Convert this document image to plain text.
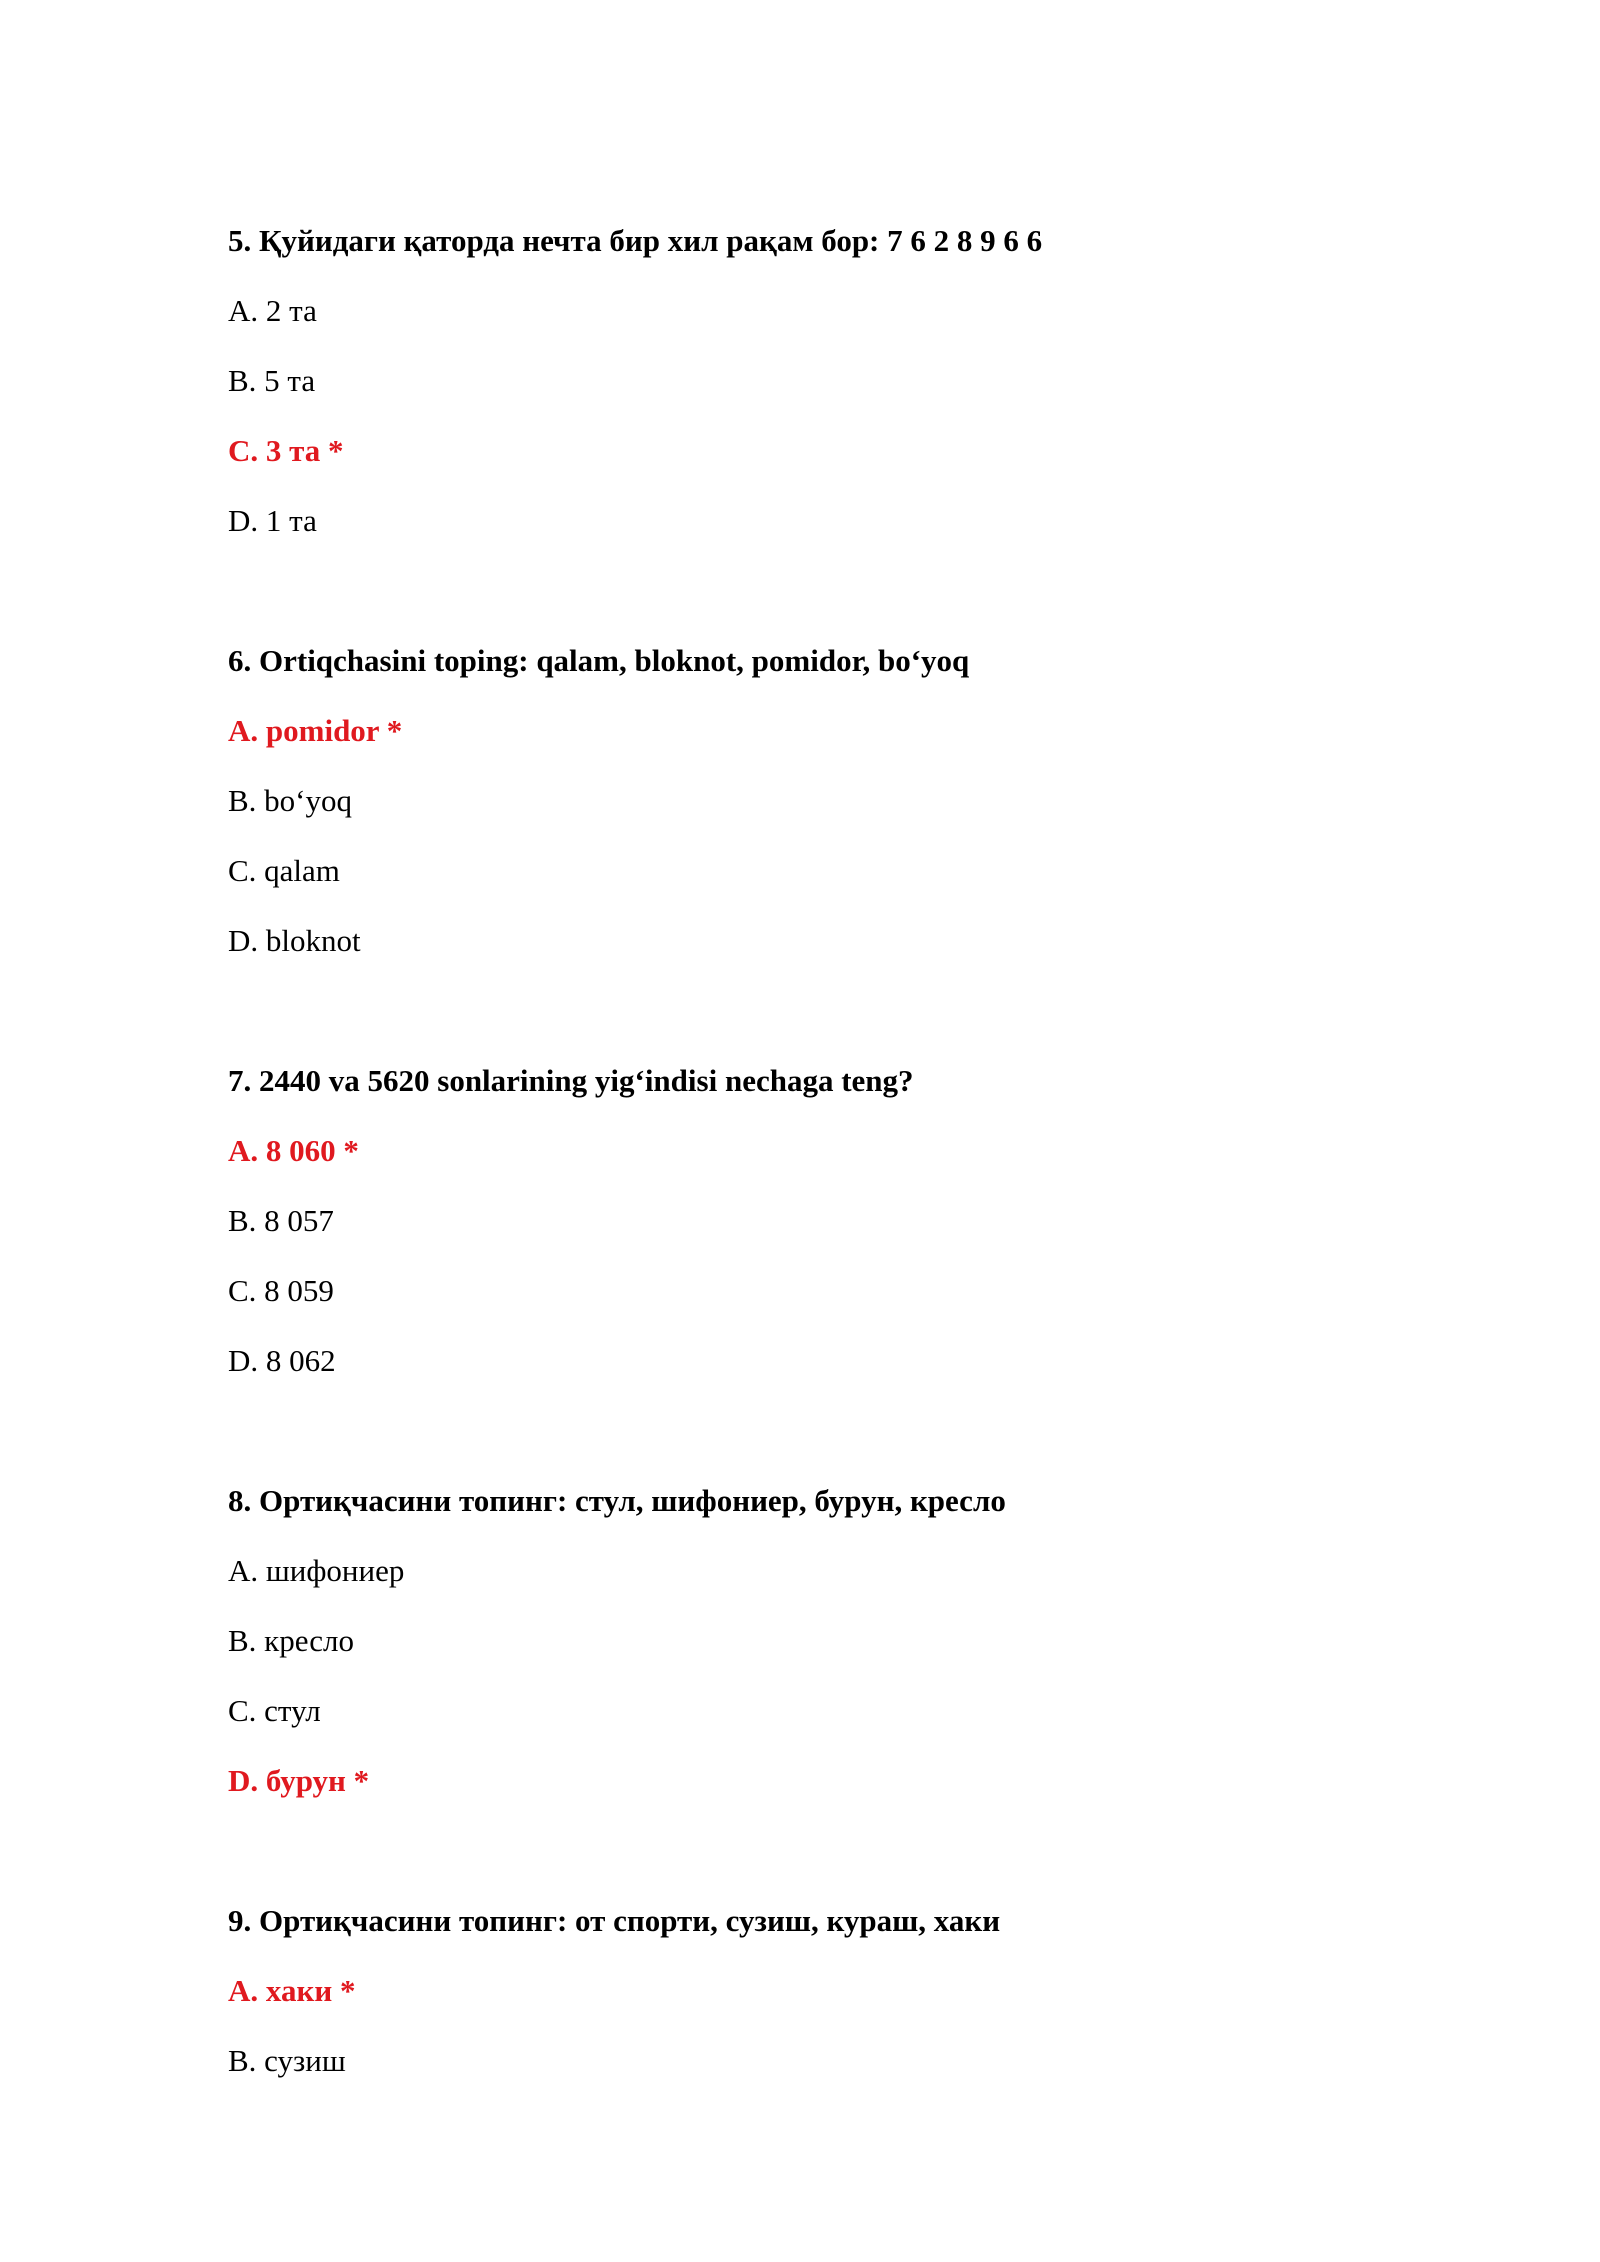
5. Қуйидаги қаторда нечта бир хил рақам бор: 7 6 2 8 9 6 6
A. 2 та
B. 5 та
C. 3 та *
D. 1 та
6. Ortiqchasini toping: qalam, bloknot, pomidor, bo‘yoq
A. pomidor *
B. bo‘yoq
C. qalam
D. bloknot
7. 2440 va 5620 sonlarining yig‘indisi nechaga teng?
A. 8 060 *
B. 8 057
C. 8 059
D. 8 062
8. Ортиқчасини топинг: стул, шифониер, бурун, кресло
A. шифониер
B. кресло
C. стул
D. бурун *
9. Ортиқчасини топинг: от спорти, сузиш, кураш, хаки
A. хаки *
B. сузиш
